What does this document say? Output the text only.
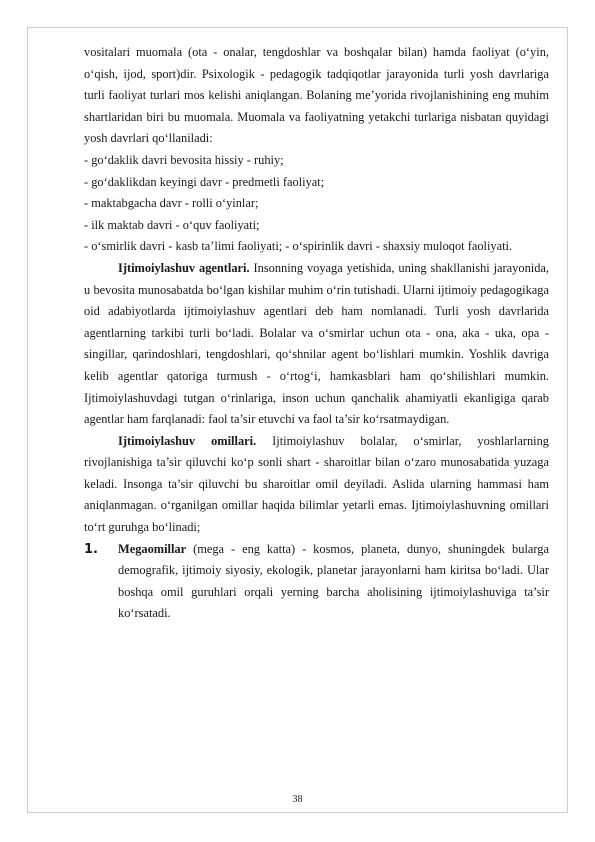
vositalari muomala (ota - onalar, tengdoshlar va boshqalar bilan) hamda faoliyat (o‘yin, o‘qish, ijod, sport)dir. Psixologik - pedagogik tadqiqotlar jarayonida turli yosh davrlariga turli faoliyat turlari mos kelishi aniqlangan. Bolaning me’yorida rivojlanishining eng muhim shartlaridan biri bu muomala. Muomala va faoliyatning yetakchi turlariga nisbatan quyidagi yosh davrlari qo‘llaniladi:

- go‘daklik davri bevosita hissiy - ruhiy;

- go‘daklikdan keyingi davr - predmetli faoliyat;

- maktabgacha davr - rolli o‘yinlar;

- ilk maktab davri - o‘quv faoliyati;

- o‘smirlik davri - kasb ta’limi faoliyati; - o‘spirinlik davri - shaxsiy muloqot faoliyati.

Ijtimoiylashuv agentlari. Insonning voyaga yetishida, uning shakllanishi jarayonida, u bevosita munosabatda bo‘lgan kishilar muhim o‘rin tutishadi. Ularni ijtimoiy pedagogikaga oid adabiyotlarda ijtimoiylashuv agentlari deb ham nomlanadi. Turli yosh davrlarida agentlarning tarkibi turli bo‘ladi. Bolalar va o‘smirlar uchun ota - ona, aka - uka, opa - singillar, qarindoshlari, tengdoshlari, qo‘shnilar agent bo‘lishlari mumkin. Yoshlik davriga kelib agentlar qatoriga turmush - o‘rtog‘i, hamkasblari ham qo‘shilishlari mumkin. Ijtimoiylashuvdagi tutgan o‘rinlariga, inson uchun qanchalik ahamiyatli ekanligiga qarab agentlar ham farqlanadi: faol ta’sir etuvchi va faol ta’sir ko‘rsatmaydigan.

Ijtimoiylashuv omillari. Ijtimoiylashuv bolalar, o‘smirlar, yoshlarlarning rivojlanishiga ta’sir qiluvchi ko‘p sonli shart - sharoitlar bilan o‘zaro munosabatida yuzaga keladi. Insonga ta’sir qiluvchi bu sharoitlar omil deyiladi. Aslida ularning hammasi ham aniqlanmagan. o‘rganilgan omillar haqida bilimlar yetarli emas. Ijtimoiylashuvning omillari to‘rt guruhga bo‘linadi;

1.	Megaomillar (mega - eng katta) - kosmos, planeta, dunyo, shuningdek bularga demografik, ijtimoiy siyosiy, ekologik, planetar jarayonlarni ham kiritsa bo‘ladi. Ular boshqa omil guruhlari orqali yerning barcha aholisining ijtimoiylashuviga ta’sir ko‘rsatadi.

38
